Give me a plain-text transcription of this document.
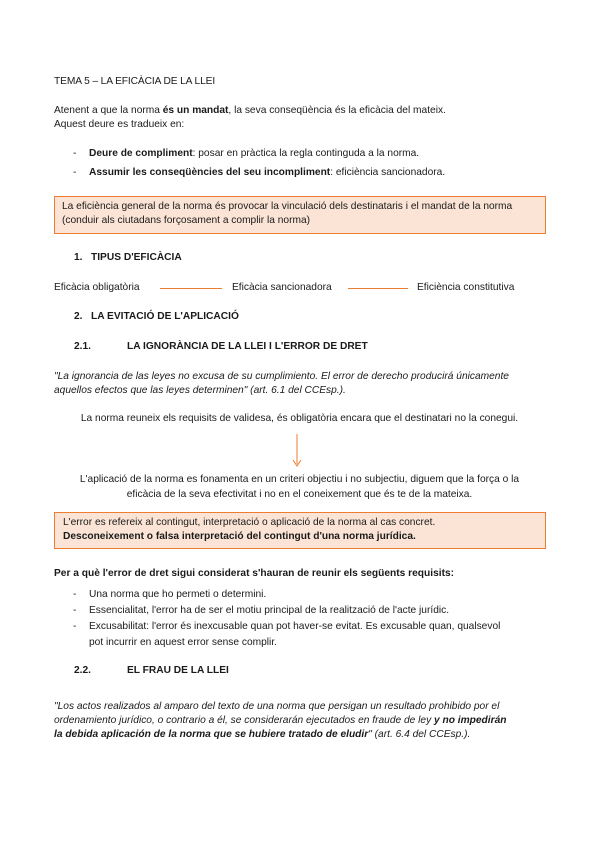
TEMA 5 – LA EFICÀCIA DE LA LLEI
Atenent a que la norma és un mandat, la seva conseqüència és la eficàcia del mateix.
Aquest deure es tradueix en:
- Deure de compliment: posar en pràctica la regla continguda a la norma.
- Assumir les conseqüències del seu incompliment: eficiència sancionadora.
La eficiència general de la norma és provocar la vinculació dels destinataris i el mandat de la norma (conduir als ciutadans forçosament a complir la norma)
1. TIPUS D'EFICÀCIA
Eficàcia obligatòria	Eficàcia sancionadora	Eficiència constitutiva
2. LA EVITACIÓ DE L'APLICACIÓ
2.1.	LA IGNORÀNCIA DE LA LLEI I L'ERROR DE DRET
"La ignorancia de las leyes no excusa de su cumplimiento. El error de derecho producirá únicamente
aquellos efectos que las leyes determinen" (art. 6.1 del CCEsp.).
La norma reuneix els requisits de validesa, és obligatòria encara que el destinatari no la conegui.
L'aplicació de la norma es fonamenta en un criteri objectiu i no subjectiu, diguem que la força o la
eficàcia de la seva efectivitat i no en el coneixement que és te de la mateixa.
L'error es refereix al contingut, interpretació o aplicació de la norma al cas concret.
Desconeixement o falsa interpretació del contingut d'una norma jurídica.
Per a què l'error de dret sigui considerat s'hauran de reunir els següents requisits:
- Una norma que ho permeti o determini.
- Essencialitat, l'error ha de ser el motiu principal de la realització de l'acte jurídic.
- Excusabilitat: l'error és inexcusable quan pot haver-se evitat. Es excusable quan, qualsevol
pot incurrir en aquest error sense complir.
2.2.	EL FRAU DE LA LLEI
"Los actos realizados al amparo del texto de una norma que persigan un resultado prohibido por el
ordenamiento jurídico, o contrario a él, se considerarán ejecutados en fraude de ley y no impedirán
la debida aplicación de la norma que se hubiere tratado de eludir" (art. 6.4 del CCEsp.).
